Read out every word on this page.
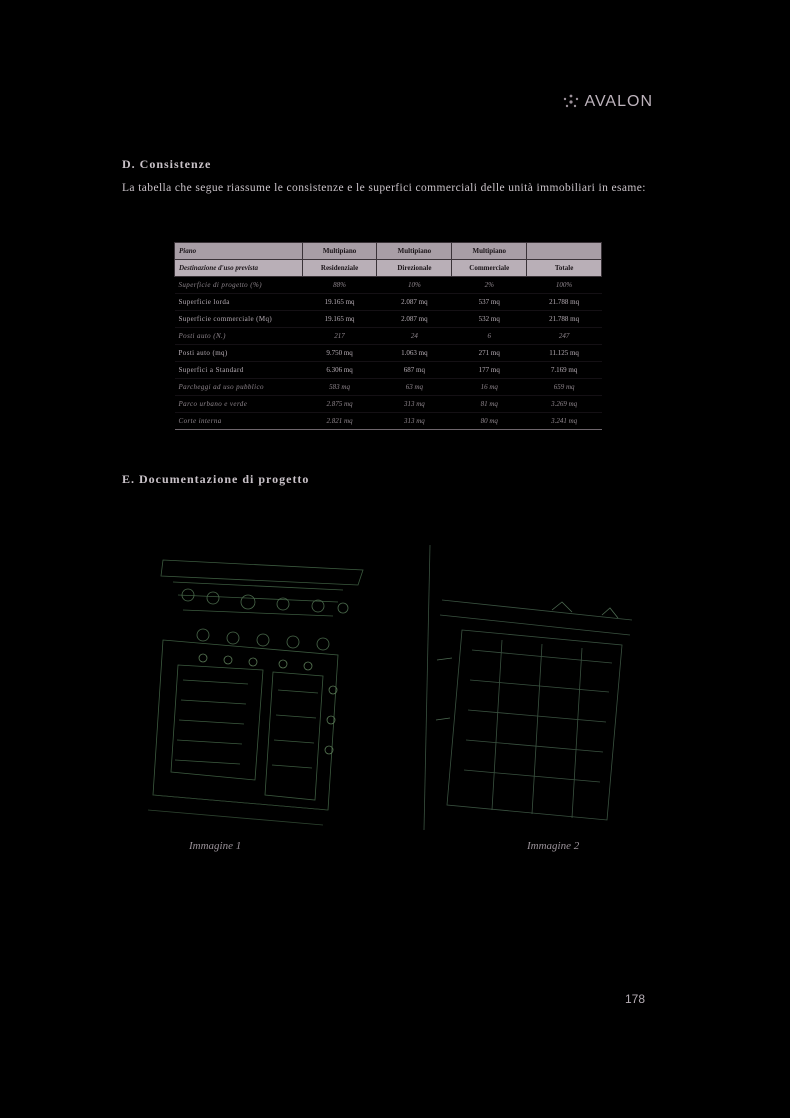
AVALON
D. Consistenze
La tabella che segue riassume le consistenze e le superfici commerciali delle unità immobiliari in esame:
Piano	Multipiano	Multipiano	Multipiano	
Destinazione d'uso prevista	Residenziale	Direzionale	Commerciale	Totale
Superficie di progetto (%)	88%	10%	2%	100%
Superficie lorda	19.165 mq	2.087 mq	537 mq	21.788 mq
Superficie commerciale (Mq)	19.165 mq	2.087 mq	532 mq	21.788 mq
Posti auto (N.)	217	24	6	247
Posti auto (mq)	9.750 mq	1.063 mq	271 mq	11.125 mq
Superfici a Standard	6.306 mq	687 mq	177 mq	7.169 mq
Parcheggi ad uso pubblico	583 mq	63 mq	16 mq	659 mq
Parco urbano e verde	2.875 mq	313 mq	81 mq	3.269 mq
Corte interna	2.821 mq	313 mq	80 mq	3.241 mq
E. Documentazione di progetto
Immagine 1	Immagine 2
178
